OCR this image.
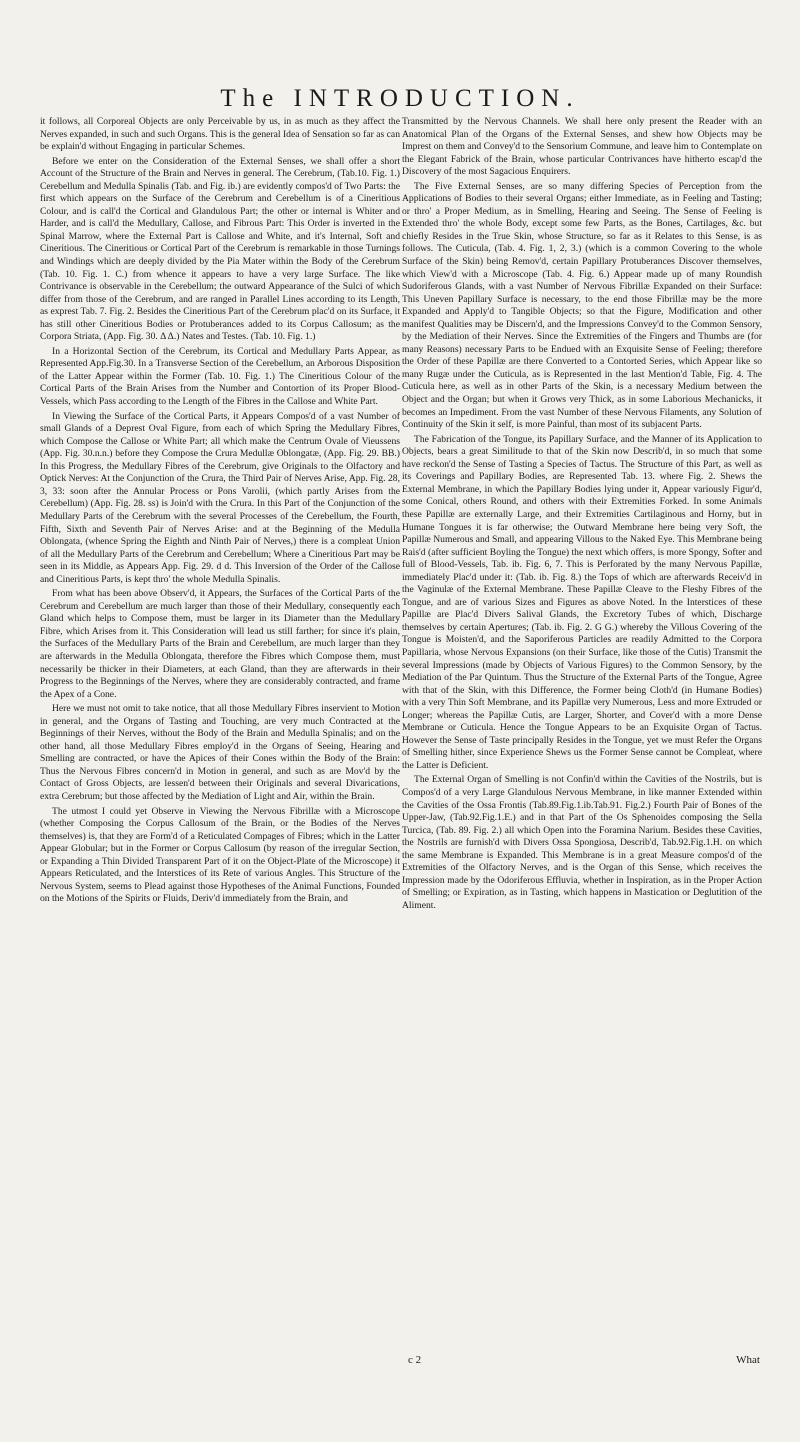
The INTRODUCTION.

it follows, all Corporeal Objects are only Perceivable by us, in as much as they affect the Nerves expanded, in such and such Organs. This is the general Idea of Sensation so far as can be explain'd without Engaging in particular Schemes.

Before we enter on the Consideration of the External Senses, we shall offer a short Account of the Structure of the Brain and Nerves in general. The Cerebrum, (Tab.10. Fig. 1.) Cerebellum and Medulla Spinalis (Tab. and Fig. ib.) are evidently compos'd of Two Parts: the first which appears on the Surface of the Cerebrum and Cerebellum is of a Cineritious Colour, and is call'd the Cortical and Glandulous Part; the other or internal is Whiter and Harder, and is call'd the Medullary, Callose, and Fibrous Part: This Order is inverted in the Spinal Marrow, where the External Part is Callose and White, and it's Internal, Soft and Cineritious. The Cineritious or Cortical Part of the Cerebrum is remarkable in those Turnings and Windings which are deeply divided by the Pia Mater within the Body of the Cerebrum (Tab. 10. Fig. 1. C.) from whence it appears to have a very large Surface. The like Contrivance is observable in the Cerebellum; the outward Appearance of the Sulci of which differ from those of the Cerebrum, and are ranged in Parallel Lines according to its Length, as exprest Tab. 7. Fig. 2. Besides the Cineritious Part of the Cerebrum plac'd on its Surface, it has still other Cineritious Bodies or Protuberances added to its Corpus Callosum; as the Corpora Striata, (App. Fig. 30. Δ Δ.) Nates and Testes. (Tab. 10. Fig. 1.)

In a Horizontal Section of the Cerebrum, its Cortical and Medullary Parts Appear, as Represented App.Fig.30. In a Transverse Section of the Cerebellum, an Arborous Disposition of the Latter Appear within the Former (Tab. 10. Fig. 1.) The Cineritious Colour of the Cortical Parts of the Brain Arises from the Number and Contortion of its Proper Blood-Vessels, which Pass according to the Length of the Fibres in the Callose and White Part.

In Viewing the Surface of the Cortical Parts, it Appears Compos'd of a vast Number of small Glands of a Deprest Oval Figure, from each of which Spring the Medullary Fibres, which Compose the Callose or White Part; all which make the Centrum Ovale of Vieussens (App. Fig. 30.n.n.) before they Compose the Crura Medullæ Oblongatæ, (App. Fig. 29. BB.) In this Progress, the Medullary Fibres of the Cerebrum, give Originals to the Olfactory and Optick Nerves: At the Conjunction of the Crura, the Third Pair of Nerves Arise, App. Fig. 28, 3, 33: soon after the Annular Process or Pons Varolii, (which partly Arises from the Cerebellum) (App. Fig. 28. ss) is Join'd with the Crura. In this Part of the Conjunction of the Medullary Parts of the Cerebrum with the several Processes of the Cerebellum, the Fourth, Fifth, Sixth and Seventh Pair of Nerves Arise: and at the Beginning of the Medulla Oblongata, (whence Spring the Eighth and Ninth Pair of Nerves,) there is a compleat Union of all the Medullary Parts of the Cerebrum and Cerebellum; Where a Cineritious Part may be seen in its Middle, as Appears App. Fig. 29. d d. This Inversion of the Order of the Callose and Cineritious Parts, is kept thro' the whole Medulla Spinalis.

From what has been above Observ'd, it Appears, the Surfaces of the Cortical Parts of the Cerebrum and Cerebellum are much larger than those of their Medullary, consequently each Gland which helps to Compose them, must be larger in its Diameter than the Medullary Fibre, which Arises from it. This Consideration will lead us still farther; for since it's plain, the Surfaces of the Medullary Parts of the Brain and Cerebellum, are much larger than they are afterwards in the Medulla Oblongata, therefore the Fibres which Compose them, must necessarily be thicker in their Diameters, at each Gland, than they are afterwards in their Progress to the Beginnings of the Nerves, where they are considerably contracted, and frame the Apex of a Cone.

Here we must not omit to take notice, that all those Medullary Fibres inservient to Motion in general, and the Organs of Tasting and Touching, are very much Contracted at the Beginnings of their Nerves, without the Body of the Brain and Medulla Spinalis; and on the other hand, all those Medullary Fibres employ'd in the Organs of Seeing, Hearing and Smelling are contracted, or have the Apices of their Cones within the Body of the Brain: Thus the Nervous Fibres concern'd in Motion in general, and such as are Mov'd by the Contact of Gross Objects, are lessen'd between their Originals and several Divarications, extra Cerebrum; but those affected by the Mediation of Light and Air, within the Brain.

The utmost I could yet Observe in Viewing the Nervous Fibrillæ with a Microscope (whether Composing the Corpus Callosum of the Brain, or the Bodies of the Nerves themselves) is, that they are Form'd of a Reticulated Compages of Fibres; which in the Latter Appear Globular; but in the Former or Corpus Callosum (by reason of the irregular Section, or Expanding a Thin Divided Transparent Part of it on the Object-Plate of the Microscope) it Appears Reticulated, and the Interstices of its Rete of various Angles. This Structure of the Nervous System, seems to Plead against those Hypotheses of the Animal Functions, Founded on the Motions of the Spirits or Fluids, Deriv'd immediately from the Brain, and

Transmitted by the Nervous Channels. We shall here only present the Reader with an Anatomical Plan of the Organs of the External Senses, and shew how Objects may be Imprest on them and Convey'd to the Sensorium Commune, and leave him to Contemplate on the Elegant Fabrick of the Brain, whose particular Contrivances have hitherto escap'd the Discovery of the most Sagacious Enquirers.

The Five External Senses, are so many differing Species of Perception from the Applications of Bodies to their several Organs; either Immediate, as in Feeling and Tasting; or thro' a Proper Medium, as in Smelling, Hearing and Seeing. The Sense of Feeling is Extended thro' the whole Body, except some few Parts, as the Bones, Cartilages, &c. but chiefly Resides in the True Skin, whose Structure, so far as it Relates to this Sense, is as follows. The Cuticula, (Tab. 4. Fig. 1, 2, 3.) (which is a common Covering to the whole Surface of the Skin) being Remov'd, certain Papillary Protuberances Discover themselves, which View'd with a Microscope (Tab. 4. Fig. 6.) Appear made up of many Roundish Sudoriferous Glands, with a vast Number of Nervous Fibrillæ Expanded on their Surface: This Uneven Papillary Surface is necessary, to the end those Fibrillæ may be the more Expanded and Apply'd to Tangible Objects; so that the Figure, Modification and other manifest Qualities may be Discern'd, and the Impressions Convey'd to the Common Sensory, by the Mediation of their Nerves. Since the Extremities of the Fingers and Thumbs are (for many Reasons) necessary Parts to be Endued with an Exquisite Sense of Feeling; therefore the Order of these Papillæ are there Converted to a Contorted Series, which Appear like so many Rugæ under the Cuticula, as is Represented in the last Mention'd Table, Fig. 4. The Cuticula here, as well as in other Parts of the Skin, is a necessary Medium between the Object and the Organ; but when it Grows very Thick, as in some Laborious Mechanicks, it becomes an Impediment. From the vast Number of these Nervous Filaments, any Solution of Continuity of the Skin it self, is more Painful, than most of its subjacent Parts.

The Fabrication of the Tongue, its Papillary Surface, and the Manner of its Application to Objects, bears a great Similitude to that of the Skin now Describ'd, in so much that some have reckon'd the Sense of Tasting a Species of Tactus. The Structure of this Part, as well as its Coverings and Papillary Bodies, are Represented Tab. 13. where Fig. 2. Shews the External Membrane, in which the Papillary Bodies lying under it, Appear variously Figur'd, some Conical, others Round, and others with their Extremities Forked. In some Animals these Papillæ are externally Large, and their Extremities Cartilaginous and Horny, but in Humane Tongues it is far otherwise; the Outward Membrane here being very Soft, the Papillæ Numerous and Small, and appearing Villous to the Naked Eye. This Membrane being Rais'd (after sufficient Boyling the Tongue) the next which offers, is more Spongy, Softer and full of Blood-Vessels, Tab. ib. Fig. 6, 7. This is Perforated by the many Nervous Papillæ, immediately Plac'd under it: (Tab. ib. Fig. 8.) the Tops of which are afterwards Receiv'd in the Vaginulæ of the External Membrane. These Papillæ Cleave to the Fleshy Fibres of the Tongue, and are of various Sizes and Figures as above Noted. In the Interstices of these Papillæ are Plac'd Divers Salival Glands, the Excretory Tubes of which, Discharge themselves by certain Apertures; (Tab. ib. Fig. 2. G G.) whereby the Villous Covering of the Tongue is Moisten'd, and the Saporiferous Particles are readily Admitted to the Corpora Papillaria, whose Nervous Expansions (on their Surface, like those of the Cutis) Transmit the several Impressions (made by Objects of Various Figures) to the Common Sensory, by the Mediation of the Par Quintum. Thus the Structure of the External Parts of the Tongue, Agree with that of the Skin, with this Difference, the Former being Cloth'd (in Humane Bodies) with a very Thin Soft Membrane, and its Papillæ very Numerous, Less and more Extruded or Longer; whereas the Papillæ Cutis, are Larger, Shorter, and Cover'd with a more Dense Membrane or Cuticula. Hence the Tongue Appears to be an Exquisite Organ of Tactus. However the Sense of Taste principally Resides in the Tongue, yet we must Refer the Organs of Smelling hither, since Experience Shews us the Former Sense cannot be Compleat, where the Latter is Deficient.

The External Organ of Smelling is not Confin'd within the Cavities of the Nostrils, but is Compos'd of a very Large Glandulous Nervous Membrane, in like manner Extended within the Cavities of the Ossa Frontis (Tab.89.Fig.1.ib.Tab.91. Fig.2.) Fourth Pair of Bones of the Upper-Jaw, (Tab.92.Fig.1.E.) and in that Part of the Os Sphenoides composing the Sella Turcica, (Tab. 89. Fig. 2.) all which Open into the Foramina Narium. Besides these Cavities, the Nostrils are furnish'd with Divers Ossa Spongiosa, Describ'd, Tab.92.Fig.1.H. on which the same Membrane is Expanded. This Membrane is in a great Measure compos'd of the Extremities of the Olfactory Nerves, and is the Organ of this Sense, which receives the Impression made by the Odoriferous Effluvia, whether in Inspiration, as in the Proper Action of Smelling; or Expiration, as in Tasting, which happens in Mastication or Deglutition of the Aliment.

c 2	What
